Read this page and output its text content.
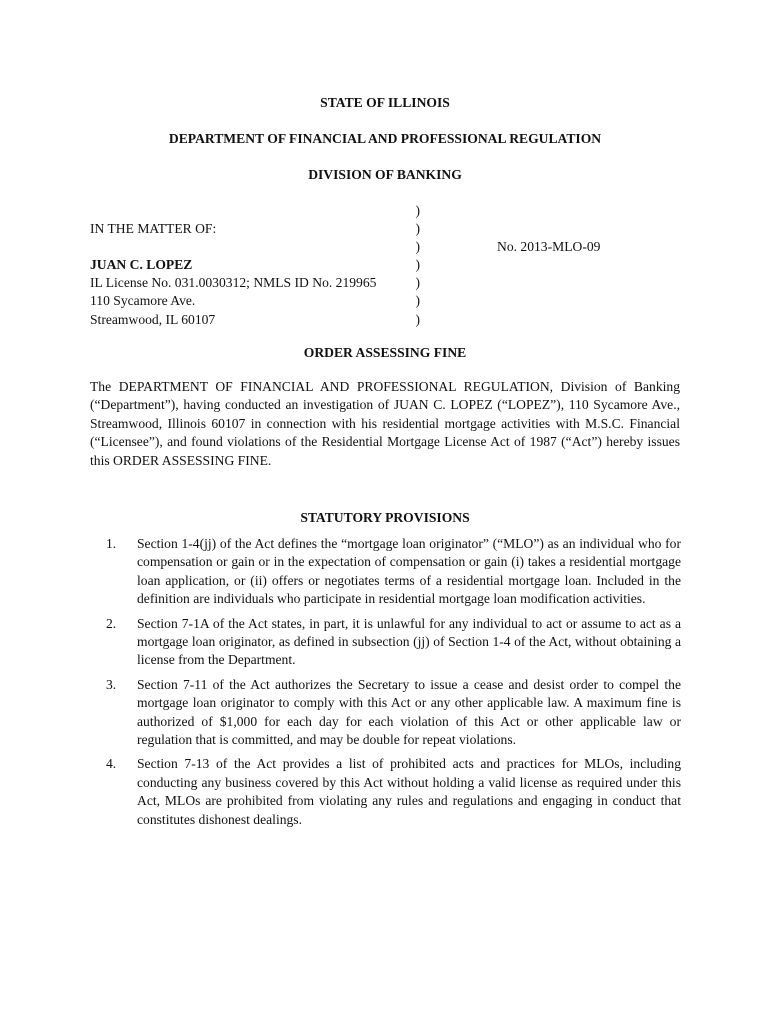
STATE OF ILLINOIS
DEPARTMENT OF FINANCIAL AND PROFESSIONAL REGULATION
DIVISION OF BANKING
IN THE MATTER OF:
JUAN C. LOPEZ
IL License No. 031.0030312; NMLS ID No. 219965
110 Sycamore Ave.
Streamwood, IL 60107
)
)
)
)
)
)
)
No. 2013-MLO-09
ORDER ASSESSING FINE
The DEPARTMENT OF FINANCIAL AND PROFESSIONAL REGULATION, Division of Banking (“Department”), having conducted an investigation of JUAN C. LOPEZ (“LOPEZ”), 110 Sycamore Ave., Streamwood, Illinois 60107 in connection with his residential mortgage activities with M.S.C. Financial (“Licensee”), and found violations of the Residential Mortgage License Act of 1987 (“Act”) hereby issues this ORDER ASSESSING FINE.
STATUTORY PROVISIONS
1. Section 1-4(jj) of the Act defines the “mortgage loan originator” (“MLO”) as an individual who for compensation or gain or in the expectation of compensation or gain (i) takes a residential mortgage loan application, or (ii) offers or negotiates terms of a residential mortgage loan. Included in the definition are individuals who participate in residential mortgage loan modification activities.
2. Section 7-1A of the Act states, in part, it is unlawful for any individual to act or assume to act as a mortgage loan originator, as defined in subsection (jj) of Section 1-4 of the Act, without obtaining a license from the Department.
3. Section 7-11 of the Act authorizes the Secretary to issue a cease and desist order to compel the mortgage loan originator to comply with this Act or any other applicable law. A maximum fine is authorized of $1,000 for each day for each violation of this Act or other applicable law or regulation that is committed, and may be double for repeat violations.
4. Section 7-13 of the Act provides a list of prohibited acts and practices for MLOs, including conducting any business covered by this Act without holding a valid license as required under this Act, MLOs are prohibited from violating any rules and regulations and engaging in conduct that constitutes dishonest dealings.
